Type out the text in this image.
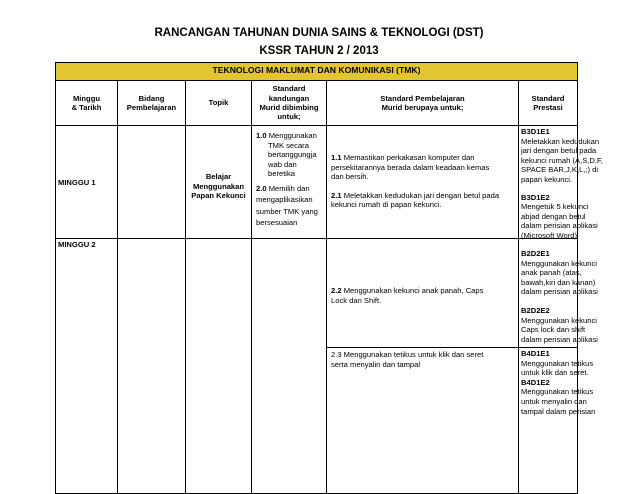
RANCANGAN TAHUNAN DUNIA SAINS & TEKNOLOGI (DST)
KSSR TAHUN 2 / 2013
TEKNOLOGI MAKLUMAT DAN KOMUNIKASI (TMK)
Minggu
& Tarikh
Bidang
Pembelajaran
Topik
Standard
kandungan
Murid dibimbing
untuk;
Standard Pembelajaran
Murid berupaya untuk;
Standard Prestasi
MINGGU 1
Belajar
Menggunakan
Papan Kekunci
1.0 Menggunakan
TMK secara
bertanggungja
wab dan
beretika
2.0 Memilih dan
mengaplikasikan
sumber TMK yang
bersesuaian
1.1 Memastikan perkakasan komputer dan
persekitarannya berada dalam keadaan kemas
dan bersih.
2.1 Meletakkan kedudukan jari dengan betul pada
kekunci rumah di papan kekunci.
B3D1E1
Meletakkan kedudukan
jari dengan betul pada
kekunci rumah (A,S,D,F,
SPACE BAR,J,K,L,;) di
papan kekunci.
B3D1E2
Mengetuk 5 kekunci
abjad dengan betul
dalam perisian aplikasi
(Microsoft Word)
MINGGU 2
2.2 Menggunakan kekunci anak panah, Caps
Lock dan Shift.
B2D2E1
Menggunakan kekunci
anak panah (atas,
bawah,kiri dan kanan)
dalam perisian aplikasi
B2D2E2
Menggunakan kekunci
Caps lock dan shift
dalam perisian aplikasi
2.3 Menggunakan tetikus untuk klik dan seret
serta menyalin dan tampal
B4D1E1
Menggunakan tetikus
untuk klik dan seret.
B4D1E2
Menggunakan tetikus
untuk menyalin dan
tampal dalam perisian
